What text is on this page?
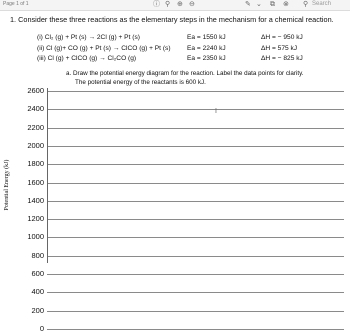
Page 1 of 1	ⓘ ⚲ ⊕ ⊖	✎ ⌄ ⧉ ⊗ ⚲ Search
1. Consider these three reactions as the elementary steps in the mechanism for a chemical reaction.
(i) Cl₂ (g) + Pt (s) → 2Cl (g) + Pt (s)	Ea = 1550 kJ	ΔH = − 950 kJ
(ii) Cl (g)+ CO (g) + Pt (s) → ClCO (g) + Pt (s) Ea = 2240 kJ	ΔH = 575 kJ
(iii) Cl (g) + ClCO (g) → Cl₂CO (g)	Ea = 2350 kJ	ΔH = − 825 kJ
a. Draw the potential energy diagram for the reaction. Label the data points for clarity.
The potential energy of the reactants is 600 kJ.
Potential Energy (kJ)
2600
2400
2200
2000
1800
1600
1400
1200
1000
800
600
400
200
0
I
